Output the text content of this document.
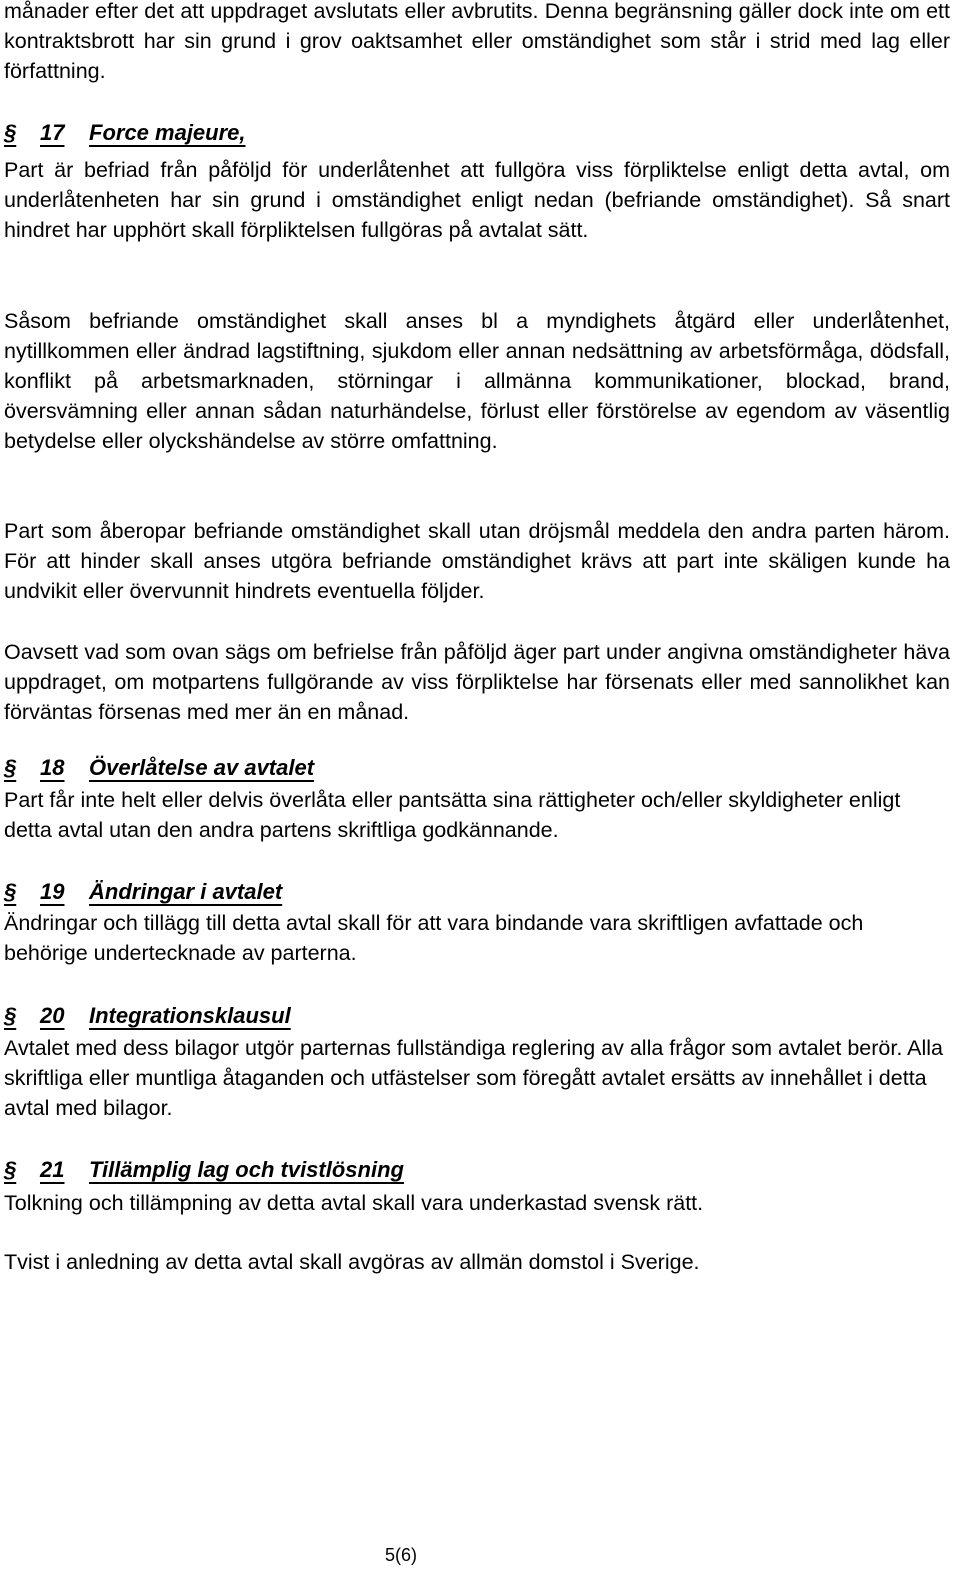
månader efter det att uppdraget avslutats eller avbrutits. Denna begränsning gäller dock inte om ett kontraktsbrott har sin grund i grov oaktsamhet eller omständighet som står i strid med lag eller författning.

§	17	Force majeure,

Part är befriad från påföljd för underlåtenhet att fullgöra viss förpliktelse enligt detta avtal, om underlåtenheten har sin grund i omständighet enligt nedan (befriande omständighet). Så snart hindret har upphört skall förpliktelsen fullgöras på avtalat sätt.

Såsom befriande omständighet skall anses bl a myndighets åtgärd eller underlåtenhet, nytillkommen eller ändrad lagstiftning, sjukdom eller annan nedsättning av arbetsförmåga, dödsfall, konflikt på arbetsmarknaden, störningar i allmänna kommunikationer, blockad, brand, översvämning eller annan sådan naturhändelse, förlust eller förstörelse av egendom av väsentlig betydelse eller olyckshändelse av större omfattning.

Part som åberopar befriande omständighet skall utan dröjsmål meddela den andra parten härom. För att hinder skall anses utgöra befriande omständighet krävs att part inte skäligen kunde ha undvikit eller övervunnit hindrets eventuella följder.

Oavsett vad som ovan sägs om befrielse från påföljd äger part under angivna omständigheter häva uppdraget, om motpartens fullgörande av viss förpliktelse har försenats eller med sannolikhet kan förväntas försenas med mer än en månad.

§	18	Överlåtelse av avtalet

Part får inte helt eller delvis överlåta eller pantsätta sina rättigheter och/eller skyldigheter enligt detta avtal utan den andra partens skriftliga godkännande.

§	19	Ändringar i avtalet

Ändringar och tillägg till detta avtal skall för att vara bindande vara skriftligen avfattade och behörige undertecknade av parterna.

§	20	Integrationsklausul

Avtalet med dess bilagor utgör parternas fullständiga reglering av alla frågor som avtalet berör. Alla skriftliga eller muntliga åtaganden och utfästelser som föregått avtalet ersätts av innehållet i detta avtal med bilagor.

§	21	Tillämplig lag och tvistlösning

Tolkning och tillämpning av detta avtal skall vara underkastad svensk rätt.

Tvist i anledning av detta avtal skall avgöras av allmän domstol i Sverige.

5(6)
